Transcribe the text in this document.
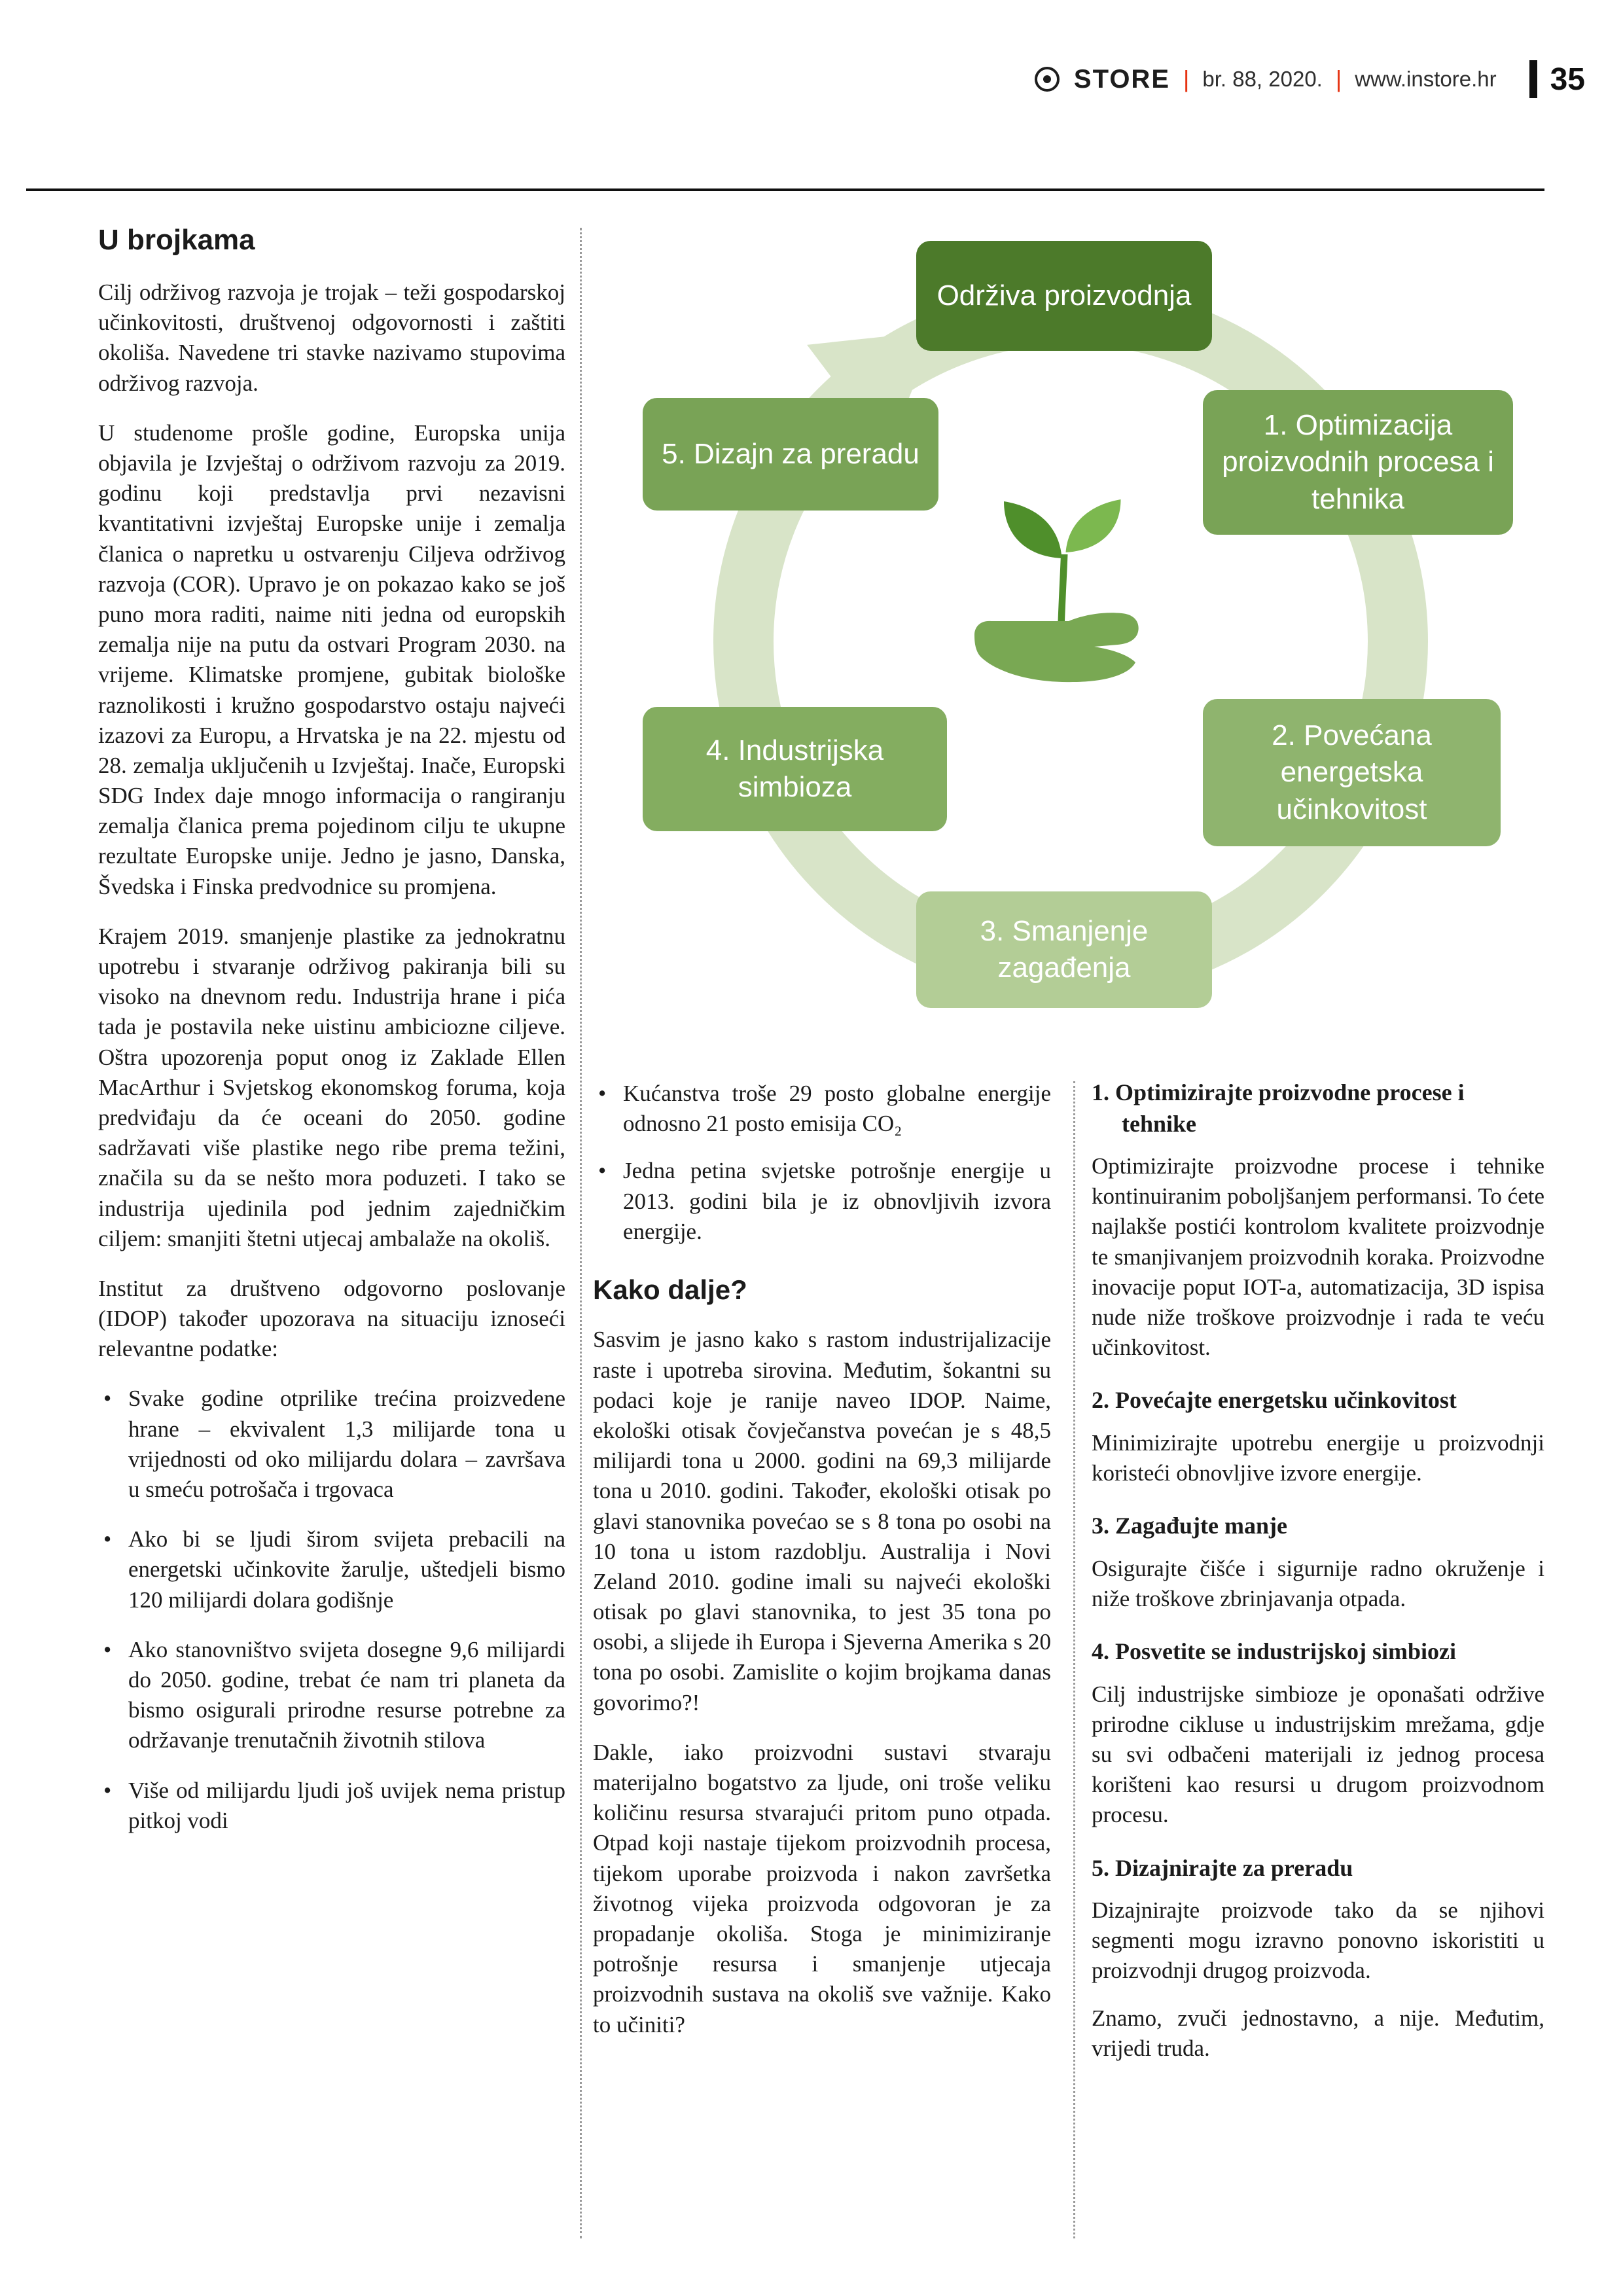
STORE | br. 88, 2020. | www.instore.hr 35
U brojkama

Cilj održivog razvoja je trojak – teži gospodarskoj učinkovitosti, društvenoj odgovornosti i zaštiti okoliša. Navedene tri stavke nazivamo stupovima održivog razvoja.

U studenome prošle godine, Europska unija objavila je Izvještaj o održivom razvoju za 2019. godinu koji predstavlja prvi nezavisni kvantitativni izvještaj Europske unije i zemalja članica o napretku u ostvarenju Ciljeva održivog razvoja (COR). Upravo je on pokazao kako se još puno mora raditi, naime niti jedna od europskih zemalja nije na putu da ostvari Program 2030. na vrijeme. Klimatske promjene, gubitak biološke raznolikosti i kružno gospodarstvo ostaju najveći izazovi za Europu, a Hrvatska je na 22. mjestu od 28. zemalja uključenih u Izvještaj. Inače, Europski SDG Index daje mnogo informacija o rangiranju zemalja članica prema pojedinom cilju te ukupne rezultate Europske unije. Jedno je jasno, Danska, Švedska i Finska predvodnice su promjena.

Krajem 2019. smanjenje plastike za jednokratnu upotrebu i stvaranje održivog pakiranja bili su visoko na dnevnom redu. Industrija hrane i pića tada je postavila neke uistinu ambiciozne ciljeve. Oštra upozorenja poput onog iz Zaklade Ellen MacArthur i Svjetskog ekonomskog foruma, koja predviđaju da će oceani do 2050. godine sadržavati više plastike nego ribe prema težini, značila su da se nešto mora poduzeti. I tako se industrija ujedinila pod jednim zajedničkim ciljem: smanjiti štetni utjecaj ambalaže na okoliš.

Institut za društveno odgovorno poslovanje (IDOP) također upozorava na situaciju iznoseći relevantne podatke:

• Svake godine otprilike trećina proizvedene hrane – ekvivalent 1,3 milijarde tona u vrijednosti od oko milijardu dolara – završava u smeću potrošača i trgovaca
• Ako bi se ljudi širom svijeta prebacili na energetski učinkovite žarulje, uštedjeli bismo 120 milijardi dolara godišnje
• Ako stanovništvo svijeta dosegne 9,6 milijardi do 2050. godine, trebat će nam tri planeta da bismo osigurali prirodne resurse potrebne za održavanje trenutačnih životnih stilova
• Više od milijardu ljudi još uvijek nema pristup pitkoj vodi
Održiva proizvodnja
1. Optimizacija proizvodnih procesa i tehnika
2. Povećana energetska učinkovitost
3. Smanjenje zagađenja
4. Industrijska simbioza
5. Dizajn za preradu
• Kućanstva troše 29 posto globalne energije odnosno 21 posto emisija CO₂
• Jedna petina svjetske potrošnje energije u 2013. godini bila je iz obnovljivih izvora energije.
Kako dalje?

Sasvim je jasno kako s rastom industrijalizacije raste i upotreba sirovina. Međutim, šokantni su podaci koje je ranije naveo IDOP. Naime, ekološki otisak čovječanstva povećan je s 48,5 milijardi tona u 2000. godini na 69,3 milijarde tona u 2010. godini. Također, ekološki otisak po glavi stanovnika povećao se s 8 tona po osobi na 10 tona u istom razdoblju. Australija i Novi Zeland 2010. godine imali su najveći ekološki otisak po glavi stanovnika, to jest 35 tona po osobi, a slijede ih Europa i Sjeverna Amerika s 20 tona po osobi. Zamislite o kojim brojkama danas govorimo?!

Dakle, iako proizvodni sustavi stvaraju materijalno bogatstvo za ljude, oni troše veliku količinu resursa stvarajući pritom puno otpada. Otpad koji nastaje tijekom proizvodnih procesa, tijekom uporabe proizvoda i nakon završetka životnog vijeka proizvoda odgovoran je za propadanje okoliša. Stoga je minimiziranje potrošnje resursa i smanjenje utjecaja proizvodnih sustava na okoliš sve važnije. Kako to učiniti?

1. Optimizirajte proizvodne procese i tehnike

Optimizirajte proizvodne procese i tehnike kontinuiranim poboljšanjem performansi. To ćete najlakše postići kontrolom kvalitete proizvodnje te smanjivanjem proizvodnih koraka. Proizvodne inovacije poput IOT-a, automatizacija, 3D ispisa nude niže troškove proizvodnje i rada te veću učinkovitost.

2. Povećajte energetsku učinkovitost

Minimizirajte upotrebu energije u proizvodnji koristeći obnovljive izvore energije.

3. Zagađujte manje

Osigurajte čišće i sigurnije radno okruženje i niže troškove zbrinjavanja otpada.

4. Posvetite se industrijskoj simbiozi

Cilj industrijske simbioze je oponašati održive prirodne cikluse u industrijskim mrežama, gdje su svi odbačeni materijali iz jednog procesa korišteni kao resursi u drugom proizvodnom procesu.

5. Dizajnirajte za preradu

Dizajnirajte proizvode tako da se njihovi segmenti mogu izravno ponovno iskoristiti u proizvodnji drugog proizvoda.

Znamo, zvuči jednostavno, a nije. Međutim, vrijedi truda.
